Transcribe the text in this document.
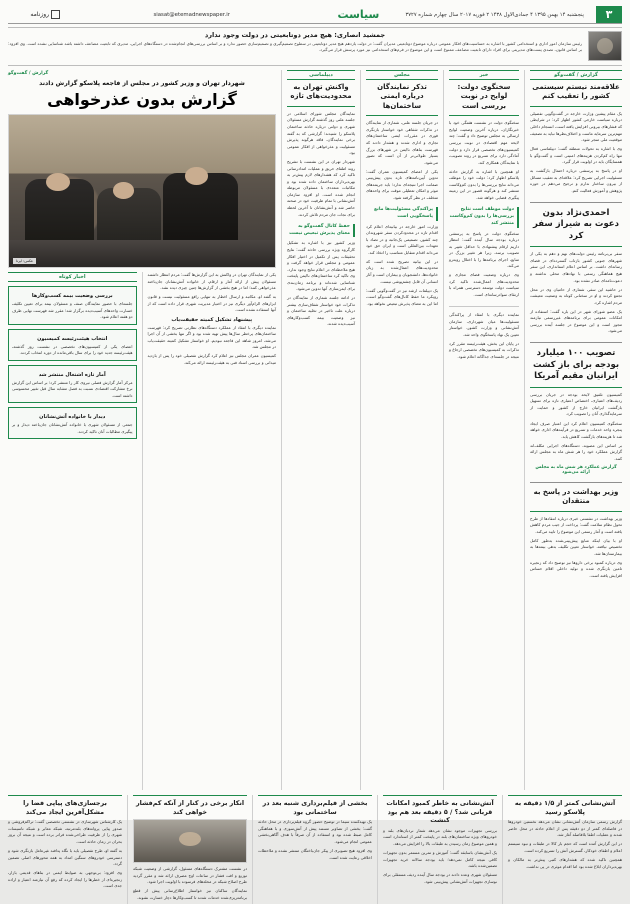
۳
پنجشنبه ۱۴ بهمن ۱۳۹۵ ۴ جمادی‌الاول ۱۴۳۸ ۲ فوریه ۲۰۱۷ سال چهارم شماره ۳۷۲۷
سیاست
siasat@etemadnewspaper.ir
روزنامه
جمشید انصاری: هیچ مدیر دوتابعیتی در دولت وجود ندارد
رئیس سازمان امور اداری و استخدامی کشور با اشاره به حساسیت‌های افکار عمومی درباره موضوع دوتابعیتی مدیران گفت: در دولت یازدهم هیچ مدیر دوتابعیتی در سطوح تصمیم‌گیری و تصمیم‌سازی حضور ندارد و بر اساس بررسی‌های انجام‌شده در دستگاه‌های اجرایی، مدیری که تابعیت مضاعف داشته باشد شناسایی نشده است. وی افزود: بر اساس قانون، تصدی پست‌های مدیریتی برای افراد دارای تابعیت مضاعف ممنوع است و این موضوع در فرم‌های استخدامی نیز مورد پرسش قرار می‌گیرد.
گزارش / گفت‌وگو
علاقه‌مند نیستم سیستمی کشور را تعقیب کنم

یک مقام پیشین وزارت خارجه در گفت‌وگویی تفصیلی درباره سیاست خارجی کشور اظهار کرد: در شرایطی که فشارهای بیرونی افزایش یافته است، انسجام داخلی مهم‌ترین سرمایه ماست و اختلاف‌نظرها نباید به تضعیف موقعیت ملی منجر شود.

وی با اشاره به تحولات منطقه گفت: دیپلماسی فعال تنها راه کم‌کردن هزینه‌های امنیتی است و گفت‌وگو با همسایگان باید در اولویت قرار گیرد.

او در پاسخ به پرسشی درباره احتمال بازگشت به مسئولیت اجرایی تصریح کرد: علاقه‌ای به تعقیب مسائل از بیرون ساختار ندارم و ترجیح می‌دهم در حوزه پژوهش و آموزش فعالیت کنم.

احمدی‌نژاد بدون دعوت به شیراز سفر کرد

سفر بی‌برنامه رئیس دولت‌های نهم و دهم به یکی از شهرهای جنوبی کشور بازتاب گسترده‌ای در فضای رسانه‌ای داشت. بر اساس اعلام استانداری، این سفر هیچ هماهنگی رسمی با نهادهای محلی نداشته و دعوت‌نامه‌ای صادر نشده بود.

در حاشیه این سفر، شماری از حامیان وی در محل تجمع کردند و او در سخنانی کوتاه به وضعیت معیشت مردم اشاره کرد.

یک عضو شورای شهر در این باره گفت: استفاده از امکانات عمومی برای برنامه‌های غیررسمی نیازمند مجوز است و این موضوع در جلسه آینده بررسی می‌شود.

تصویب ۱۰۰ میلیارد بودجه برای باز کشت ایرانیان مقیم آمریکا

کمیسیون تلفیق لایحه بودجه در جریان بررسی ردیف‌های اعتباری، اختصاص اعتباری تازه برای تسهیل بازگشت ایرانیان خارج از کشور و حمایت از سرمایه‌گذاری آنان را تصویب کرد.

سخنگوی کمیسیون اعلام کرد این اعتبار صرف ایجاد پنجره واحد خدمات و تسریع در فرآیندهای اداری خواهد شد تا هزینه‌های بازگشت کاهش یابد.

بر اساس این مصوبه، دستگاه‌های اجرایی مکلف‌اند گزارش عملکرد خود را هر شش ماه به مجلس ارائه کنند.

گزارش عملکرد هر شش ماه به مجلس ارائه می‌شود
وزیر بهداشت در پاسخ به منتقدان

وزیر بهداشت در نشستی خبری درباره انتقادها از طرح تحول نظام سلامت گفت: پرداخت از جیب مردم کاهش یافته است و آمار رسمی این موضوع را تایید می‌کند.

او با بیان اینکه منابع پیش‌بینی‌شده به‌طور کامل تخصیص نیافته، خواستار تعیین تکلیف بدهی بیمه‌ها به بیمارستان‌ها شد.

وی درباره کمبود برخی داروها نیز توضیح داد که زنجیره تامین بازنگری شده و تولید داخلی اقلام حساس افزایش یافته است.

خبر
سخنگوی دولت: لوایح در نوبت بررسی است

سخنگوی دولت در نشست هفتگی خود با خبرنگاران، درباره آخرین وضعیت لوایح ارسالی به مجلس توضیح داد و گفت: چند لایحه مهم اقتصادی در نوبت بررسی کمیسیون‌های تخصصی قرار دارد و دولت آمادگی دارد برای تسریع در روند تصویب، با نمایندگان همکاری کند.

او همچنین با اشاره به گزارش حادثه پلاسکو اظهار کرد: دولت خود را موظف می‌داند نتایج بررسی‌ها را بدون کم‌وکاست منتشر کند و هرگونه قصور در این زمینه پیگیری قضایی خواهد شد.

دولت موظف است نتایج بررسی‌ها را بدون کم‌وکاست منتشر کند

سخنگوی دولت در پاسخ به پرسشی درباره بودجه سال آینده گفت: انتظار داریم ارقام پیشنهادی با حداقل تغییر به تصویب برسد، زیرا هر تغییر بزرگ در منابع، اجرای برنامه‌ها را با اختلال روبه‌رو می‌کند.

وی درباره وضعیت فضای مجازی و محدودیت‌های اعمال‌شده تاکید کرد سیاست دولت توسعه دسترسی همراه با ارتقای سوادرسانه‌ای است.

نماینده دیگری با انتقاد از پراکندگی مسئولیت‌ها میان شهرداری، سازمان آتش‌نشانی و وزارت کشور، خواستار تعیین یک نهاد پاسخگوی واحد شد.

در پایان این بخش، هیئت‌رئیسه مقرر کرد تذکرات به کمیسیون‌های تخصصی ارجاع و نتیجه در جلسه‌ای جداگانه اعلام شود.

مجلس
تذکر نمایندگان درباره ایمنی ساختمان‌ها

در جریان جلسه علنی، شماری از نمایندگان در تذکرات شفاهی خود خواستار بازنگری فوری در مقررات ایمنی ساختمان‌های تجاری و اداری شدند و هشدار دادند که فهرست بناهای ناایمن در شهرهای بزرگ بسیار طولانی‌تر از آن است که تصور می‌شود.

یکی از اعضای کمیسیون عمران گفت: تدوین آیین‌نامه‌های تازه بدون پیش‌بینی ضمانت اجرا نتیجه‌ای ندارد؛ باید جریمه‌های موثر و امکان تعطیلی موقت برای واحدهای متخلف در نظر گرفته شود.

پراکندگی مسئولیت‌ها مانع پاسخگویی است

وزارت امور خارجه در بیانیه‌ای اعلام کرد اقدام تازه در محدودکردن سفر شهروندان چند کشور، تصمیمی یک‌جانبه و در تضاد با تعهدات بین‌المللی است و ایران حق خود می‌داند اقدام متقابل متناسب را اتخاذ کند.

در این بیانیه تصریح شده است که محدودیت‌های اعمال‌شده به زیان خانواده‌ها، دانشجویان و بیماران است و آثار انسانی آن قابل چشم‌پوشی نیست.

یک دیپلمات ارشد نیز در گفت‌وگویی گفت: رویکرد ما حفظ کانال‌های گفت‌وگو است، اما این به معنای پذیرش تبعیض نخواهد بود.

دیپلماسی
واکنش تهران به محدودیت‌های تازه

نمایندگان مجلس شورای اسلامی در جلسه علنی روز گذشته گزارش مسئولان شهری و دولتی درباره حادثه ساختمان پلاسکو را شنیدند؛ گزارشی که به گفته برخی نمایندگان، فاقد هرگونه پذیرش مسئولیت و عذرخواهی از افکار عمومی بود.

شهردار تهران در این نشست با تشریح روند اطفای حریق و عملیات امدادرسانی تاکید کرد که هشدارهای لازم پیش‌تر به بهره‌برداران ساختمان داده شده بود و مکاتبات متعددی با مسئولان مربوطه انجام شده است. او افزود سازمان آتش‌نشانی با تمام ظرفیت خود در صحنه حاضر شد و آتش‌نشانان تا آخرین لحظه برای نجات جان مردم تلاش کردند.

حفظ کانال گفت‌وگو به معنای پذیرش تبعیض نیست

وزیر کشور نیز با اشاره به تشکیل کارگروه ویژه بررسی حادثه گفت: نتایج تحقیقات پس از تکمیل در اختیار افکار عمومی و مجلس قرار خواهد گرفت و هیچ ملاحظه‌ای در اعلام نتایج وجود ندارد. وی تاکید کرد ساختمان‌های ناایمن پایتخت شناسایی شده‌اند و برنامه زمان‌بندی برای ایمن‌سازی آنها تدوین می‌شود.

در ادامه جلسه شماری از نمایندگان در تذکرات خود خواستار شفاف‌سازی بیشتر درباره علت تاخیر در تخلیه ساختمان و نیز وضعیت بیمه کسب‌وکارهای آسیب‌دیده شدند.

گزارش / گفت‌وگو
شهردار تهران و وزیر کشور در مجلس از فاجعه پلاسکو گزارش دادند
گزارش بدون عذرخواهی
عکس: ایرنا

یکی از نمایندگان تهران در واکنش به این گزارش‌ها گفت: مردم انتظار داشتند مسئولان پیش از ارائه آمار و ارقام، از خانواده آتش‌نشانان جان‌باخته عذرخواهی کنند؛ اما در هیچ بخشی از گزارش‌ها چنین چیزی دیده نشد.

به گفته او، مکاتبه و ارسال اخطار به تنهایی رافع مسئولیت نیست و قانون ابزارهای الزام‌آور دیگری نیز در اختیار مدیریت شهری قرار داده است که از آنها استفاده نشده است.

پیشنهاد تشکیل کمیته حقیقت‌یاب

نماینده دیگری با انتقاد از عملکرد دستگاه‌های نظارتی تصریح کرد: فهرست ساختمان‌های پرخطر سال‌ها پیش تهیه شده بود و اگر تنها بخشی از آن اجرا می‌شد، امروز شاهد این فاجعه نبودیم. او خواستار تشکیل کمیته حقیقت‌یاب در مجلس شد.

کمیسیون عمران مجلس نیز اعلام کرد گزارش تفصیلی خود را پس از بازدید میدانی و بررسی اسناد فنی به هیئت‌رئیسه ارائه می‌کند.

اخبار کوتاه
بررسی وضعیت بیمه کسب‌وکارها
جلسه‌ای با حضور نمایندگان صنف و مسئولان بیمه برای تعیین تکلیف خسارت واحدهای آسیب‌دیده برگزار شد؛ مقرر شد فهرست نهایی ظرف دو هفته اعلام شود.
انتخاب هیئت‌رئیسه کمیسیون
اعضای یکی از کمیسیون‌های تخصصی در نشست روز گذشته، هیئت‌رئیسه جدید خود را برای سال باقی‌مانده از دوره انتخاب کردند.
آمار تازه اشتغال منتشر شد
مرکز آمار گزارش فصلی نیروی کار را منتشر کرد؛ بر اساس این گزارش نرخ مشارکت اقتصادی نسبت به فصل مشابه سال قبل تغییر محسوسی داشته است.
دیدار با خانواده آتش‌نشانان
جمعی از مسئولان شهری با خانواده آتش‌نشانان جان‌باخته دیدار و بر پیگیری مطالبات آنان تاکید کردند.
آتش‌نشانی کمتر از ۱/۵ دقیقه به پلاسکو رسید

گزارش رسمی سازمان آتش‌نشانی نشان می‌دهد نخستین خودروها در فاصله‌ای کمتر از دو دقیقه پس از اعلام حادثه در محل حاضر شدند و عملیات اطفا بلافاصله آغاز شد.

در این گزارش آمده است که حجم بار کالا در طبقات و نبود سیستم اعلام و اطفای خودکار، گسترش آتش را تسریع کرده است.

همچنین تاکید شده که هشدارهای کتبی پیش‌تر به مالکان و بهره‌برداران ابلاغ شده بود اما اقدام موثری در پی نداشت.

آتش‌نشانی به خاطر کمبود امکانات قربانی شد؟ / ۵ دقیقه بعد هم بود کنشت

بررسی تجهیزات موجود نشان می‌دهد شمار نردبان‌های بلند و خودروهای ویژه ساختمان‌های بلند در پایتخت کمتر از استاندارد است و همین موضوع زمان رسیدن به طبقات بالا را افزایش می‌دهد.

یک آتش‌نشان باسابقه گفت: آموزش و تمرین مستمر بدون تجهیزات کافی نتیجه کامل نمی‌دهد؛ باید بودجه سالانه خرید تجهیزات تضمین‌شده باشد.

مسئولان شهری وعده دادند در بودجه سال آینده ردیف مستقلی برای نوسازی تجهیزات آتش‌نشانی پیش‌بینی شود.

بخشی از فیلم‌برداری شنبه بعد در ساختمانی بود

یک تهیه‌کننده سیما در توضیح حضور گروه فیلم‌برداری در محل حادثه گفت: بخشی از تصاویر مستند پیش از آتش‌سوزی و با هماهنگی کامل ضبط شده بود و استفاده از آن صرفاً با هدف آگاهی‌بخشی عمومی انجام می‌شود.

وی افزود هیچ تصویری از پیکر جان‌باختگان منتشر نشده و ملاحظات اخلاقی رعایت شده است.

انکار برخی در کنار از آنکه کم‌فشار خواهی کند

در نشست مشترک دستگاه‌های مسئول، گزارشی از وضعیت شبکه توزیع و افت فشار در ساعات اوج مصرف ارائه شد و مقرر گردید طرح اصلاح شبکه در محله‌های فرسوده با اولویت اجرا شود.

نمایندگان ساکنان نیز خواستار اطلاع‌رسانی پیش از قطع برنامه‌ریزی‌شده خدمات شدند تا کسب‌وکارها دچار خسارت نشوند.

برجسازی‌های پیاپی فضا را مشکل‌آفرین ایجاد می‌کند

یک کارشناس شهرسازی در نشستی تخصصی گفت: تراکم‌فروشی و صدور پیاپی پروانه‌های بلندمرتبه، شبکه معابر و شبکه تاسیسات شهری را از ظرفیت طراحی‌شده فراتر برده است و نتیجه آن بروز بحران در زمان حادثه است.

به گفته او، طرح تفصیلی باید با نگاه پدافند غیرعامل بازنگری شود و دسترسی خودروهای سنگین امداد به همه محورهای اصلی تضمین گردد.

وی افزود: بی‌توجهی به ضوابط ایمنی در بناهای قدیمی بازار، زنجیره‌ای از خطرها را ایجاد کرده که رفع آن نیازمند اعتبار و اراده جدی است.
